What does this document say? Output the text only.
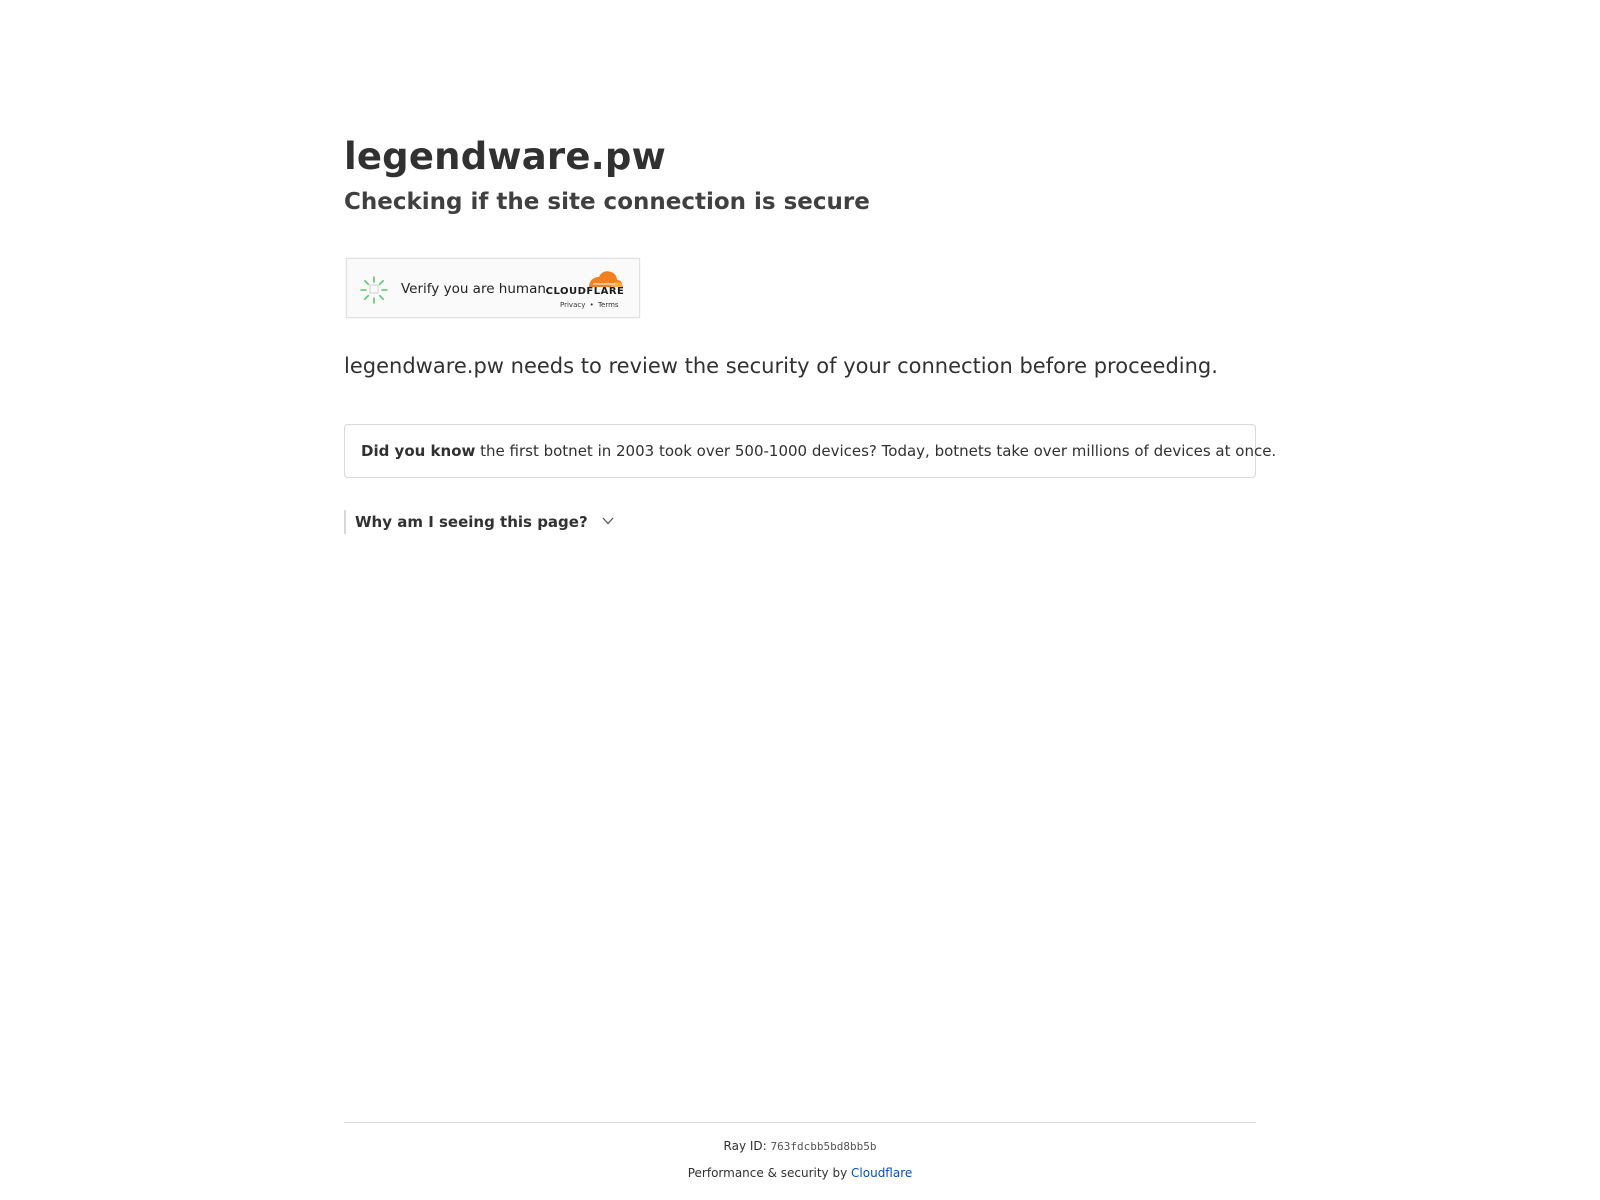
legendware.pw
Checking if the site connection is secure
Verify you are human CLOUDFLARE
Privacy • Terms

legendware.pw needs to review the security of your connection before proceeding.

Did you know the first botnet in 2003 took over 500-1000 devices? Today, botnets take over millions of devices at once.
Why am I seeing this page?
Ray ID: 763fdcbb5bd8bb5b
Performance & security by Cloudflare
